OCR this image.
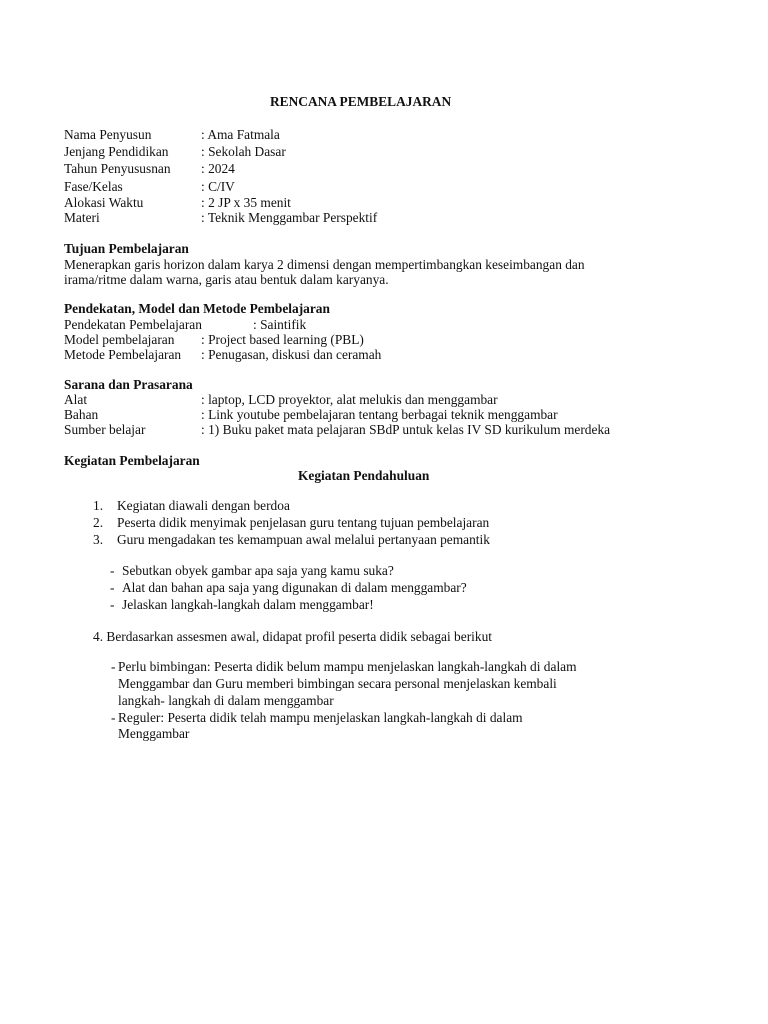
RENCANA PEMBELAJARAN
Nama Penyusun	: Ama Fatmala
Jenjang Pendidikan : Sekolah Dasar
Tahun Penyususnan : 2024
Fase/Kelas	: C/IV
Alokasi Waktu	: 2 JP x 35 menit
Materi	: Teknik Menggambar Perspektif
Tujuan Pembelajaran
Menerapkan garis horizon dalam karya 2 dimensi dengan mempertimbangkan keseimbangan dan
irama/ritme dalam warna, garis atau bentuk dalam karyanya.
Pendekatan, Model dan Metode Pembelajaran
Pendekatan Pembelajaran	: Saintifik
Model pembelajaran : Project based learning (PBL)
Metode Pembelajaran : Penugasan, diskusi dan ceramah
Sarana dan Prasarana
Alat	: laptop, LCD proyektor, alat melukis dan menggambar
Bahan	: Link youtube pembelajaran tentang berbagai teknik menggambar
Sumber belajar	: 1) Buku paket mata pelajaran SBdP untuk kelas IV SD kurikulum merdeka
Kegiatan Pembelajaran
Kegiatan Pendahuluan
1. Kegiatan diawali dengan berdoa
2. Peserta didik menyimak penjelasan guru tentang tujuan pembelajaran
3. Guru mengadakan tes kemampuan awal melalui pertanyaan pemantik
- Sebutkan obyek gambar apa saja yang kamu suka?
- Alat dan bahan apa saja yang digunakan di dalam menggambar?
- Jelaskan langkah-langkah dalam menggambar!
4. Berdasarkan assesmen awal, didapat profil peserta didik sebagai berikut
- Perlu bimbingan: Peserta didik belum mampu menjelaskan langkah-langkah di dalam
Menggambar dan Guru memberi bimbingan secara personal menjelaskan kembali
langkah- langkah di dalam menggambar
- Reguler: Peserta didik telah mampu menjelaskan langkah-langkah di dalam
Menggambar
